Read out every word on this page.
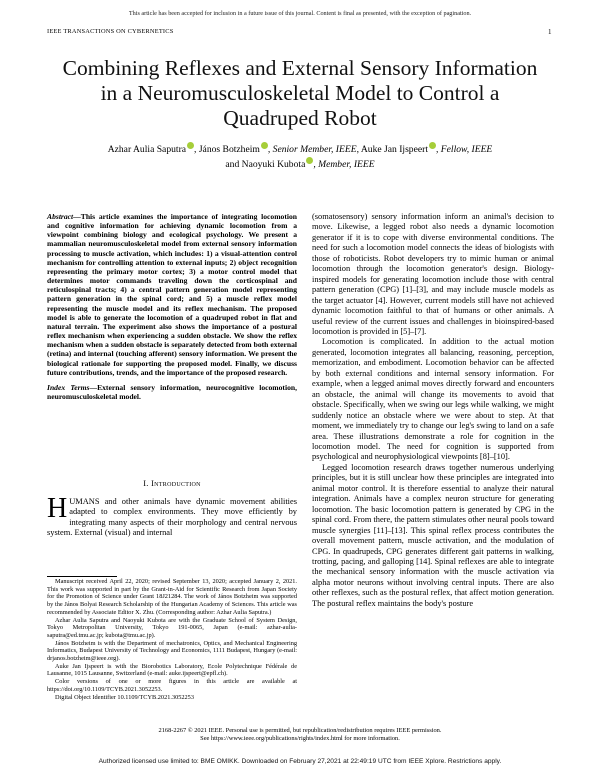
This article has been accepted for inclusion in a future issue of this journal. Content is final as presented, with the exception of pagination.
IEEE TRANSACTIONS ON CYBERNETICS	1
Combining Reflexes and External Sensory Information in a Neuromusculoskeletal Model to Control a Quadruped Robot
Azhar Aulia Saputra , János Botzheim , Senior Member, IEEE, Auke Jan Ijspeert , Fellow, IEEE
and Naoyuki Kubota , Member, IEEE
Abstract—This article examines the importance of integrating locomotion and cognitive information for achieving dynamic locomotion from a viewpoint combining biology and ecological psychology. We present a mammalian neuromusculoskeletal model from external sensory information processing to muscle activation, which includes: 1) a visual-attention control mechanism for controlling attention to external inputs; 2) object recognition representing the primary motor cortex; 3) a motor control model that determines motor commands traveling down the corticospinal and reticulospinal tracts; 4) a central pattern generation model representing pattern generation in the spinal cord; and 5) a muscle reflex model representing the muscle model and its reflex mechanism. The proposed model is able to generate the locomotion of a quadruped robot in flat and natural terrain. The experiment also shows the importance of a postural reflex mechanism when experiencing a sudden obstacle. We show the reflex mechanism when a sudden obstacle is separately detected from both external (retina) and internal (touching afferent) sensory information. We present the biological rationale for supporting the proposed model. Finally, we discuss future contributions, trends, and the importance of the proposed research.
Index Terms—External sensory information, neurocognitive locomotion, neuromusculoskeletal model.
I. Introduction
HUMANS and other animals have dynamic movement abilities adapted to complex environments. They move efficiently by integrating many aspects of their morphology and central nervous system. External (visual) and internal

Manuscript received April 22, 2020; revised September 13, 2020; accepted January 2, 2021. This work was supported in part by the Grant-in-Aid for Scientific Research from Japan Society for the Promotion of Science under Grant 18J21284. The work of János Botzheim was supported by the János Bolyai Research Scholarship of the Hungarian Academy of Sciences. This article was recommended by Associate Editor X. Zhu. (Corresponding author: Azhar Aulia Saputra.)

Azhar Aulia Saputra and Naoyuki Kubota are with the Graduate School of System Design, Tokyo Metropolitan University, Tokyo 191-0065, Japan (e-mail: azhar-aulia-saputra@ed.tmu.ac.jp; kubota@tmu.ac.jp).

János Botzheim is with the Department of mechatronics, Optics, and Mechanical Engineering Informatics, Budapest University of Technology and Economics, 1111 Budapest, Hungary (e-mail: drjanos.botzheim@ieee.org).

Auke Jan Ijspeert is with the Biorobotics Laboratory, Ecole Polytechnique Fédérale de Lausanne, 1015 Lausanne, Switzerland (e-mail: auke.ijspeert@epfl.ch).

Color versions of one or more figures in this article are available at https://doi.org/10.1109/TCYB.2021.3052253.

Digital Object Identifier 10.1109/TCYB.2021.3052253

(somatosensory) sensory information inform an animal's decision to move. Likewise, a legged robot also needs a dynamic locomotion generator if it is to cope with diverse environmental conditions. The need for such a locomotion model connects the ideas of biologists with those of roboticists. Robot developers try to mimic human or animal locomotion through the locomotion generator's design. Biology-inspired models for generating locomotion include those with central pattern generation (CPG) [1]–[3], and may include muscle models as the target actuator [4]. However, current models still have not achieved dynamic locomotion faithful to that of humans or other animals. A useful review of the current issues and challenges in bioinspired-based locomotion is provided in [5]–[7].

Locomotion is complicated. In addition to the actual motion generated, locomotion integrates all balancing, reasoning, perception, memorization, and embodiment. Locomotion behavior can be affected by both external conditions and internal sensory information. For example, when a legged animal moves directly forward and encounters an obstacle, the animal will change its movements to avoid that obstacle. Specifically, when we swing our legs while walking, we might suddenly notice an obstacle where we were about to step. At that moment, we immediately try to change our leg's swing to land on a safe area. These illustrations demonstrate a role for cognition in the locomotion model. The need for cognition is supported from psychological and neurophysiological viewpoints [8]–[10].

Legged locomotion research draws together numerous underlying principles, but it is still unclear how these principles are integrated into animal motor control. It is therefore essential to analyze their natural integration. Animals have a complex neuron structure for generating locomotion. The basic locomotion pattern is generated by CPG in the spinal cord. From there, the pattern stimulates other neural pools toward muscle synergies [11]–[13]. This spinal reflex process contributes the overall movement pattern, muscle activation, and the modulation of CPG. In quadrupeds, CPG generates different gait patterns in walking, trotting, pacing, and galloping [14]. Spinal reflexes are able to integrate the mechanical sensory information with the muscle activation via alpha motor neurons without involving central inputs. There are also other reflexes, such as the postural reflex, that affect motion generation. The postural reflex maintains the body's posture

2168-2267 © 2021 IEEE. Personal use is permitted, but republication/redistribution requires IEEE permission.
See https://www.ieee.org/publications/rights/index.html for more information.
Authorized licensed use limited to: BME OMIKK. Downloaded on February 27,2021 at 22:49:19 UTC from IEEE Xplore. Restrictions apply.
